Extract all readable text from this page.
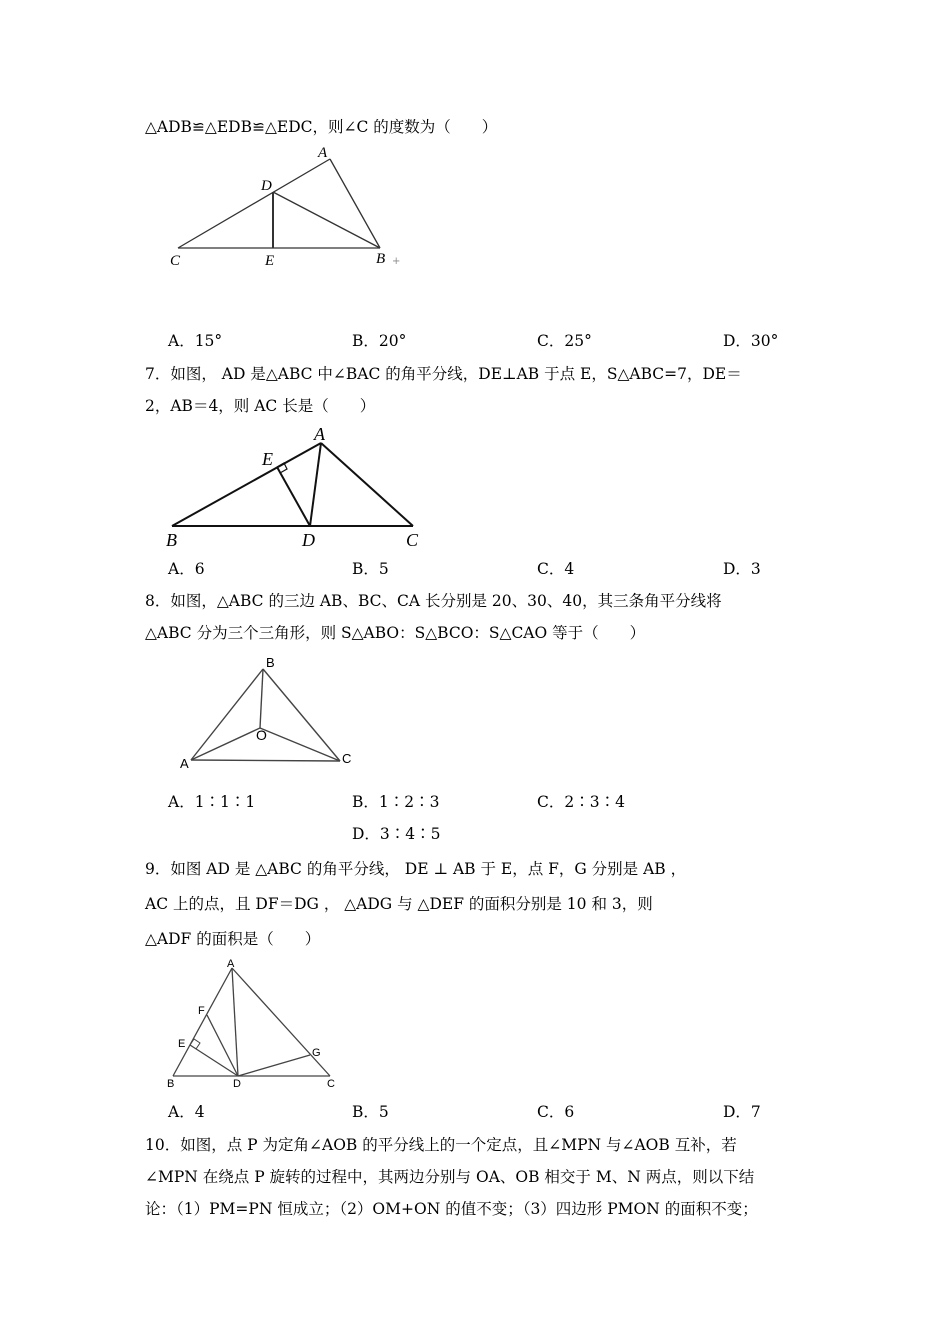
△ADB≌△EDB≌△EDC，则∠C 的度数为（　　）
A
D
C	E	B +
A．15°	B．20°	C．25°	D．30°
7．如图， AD 是△ABC 中∠BAC 的角平分线，DE⊥AB 于点 E，S△ABC=7，DE＝
2，AB＝4，则 AC 长是（　　）
A
E
B	D	C
A．6	B．5	C．4	D．3
8．如图，△ABC 的三边 AB、BC、CA 长分别是 20、30、40，其三条角平分线将
△ABC 分为三个三角形，则 S△ABO：S△BCO：S△CAO 等于（　　）
B
O
A	C
A．1∶1∶1	B．1∶2∶3	C．2∶3∶4
D．3∶4∶5
9．如图 AD 是 △ABC 的角平分线， DE ⊥ AB 于 E，点 F，G 分别是 AB ，
AC 上的点，且 DF＝DG ， △ADG 与 △DEF 的面积分别是 10 和 3，则
△ADF 的面积是（　　）
A
F
E
G
B	D	C
A．4	B．5	C．6	D．7
10．如图，点 P 为定角∠AOB 的平分线上的一个定点，且∠MPN 与∠AOB 互补，若
∠MPN 在绕点 P 旋转的过程中，其两边分别与 OA、OB 相交于 M、N 两点，则以下结
论：（1）PM=PN 恒成立；（2）OM+ON 的值不变；（3）四边形 PMON 的面积不变；
